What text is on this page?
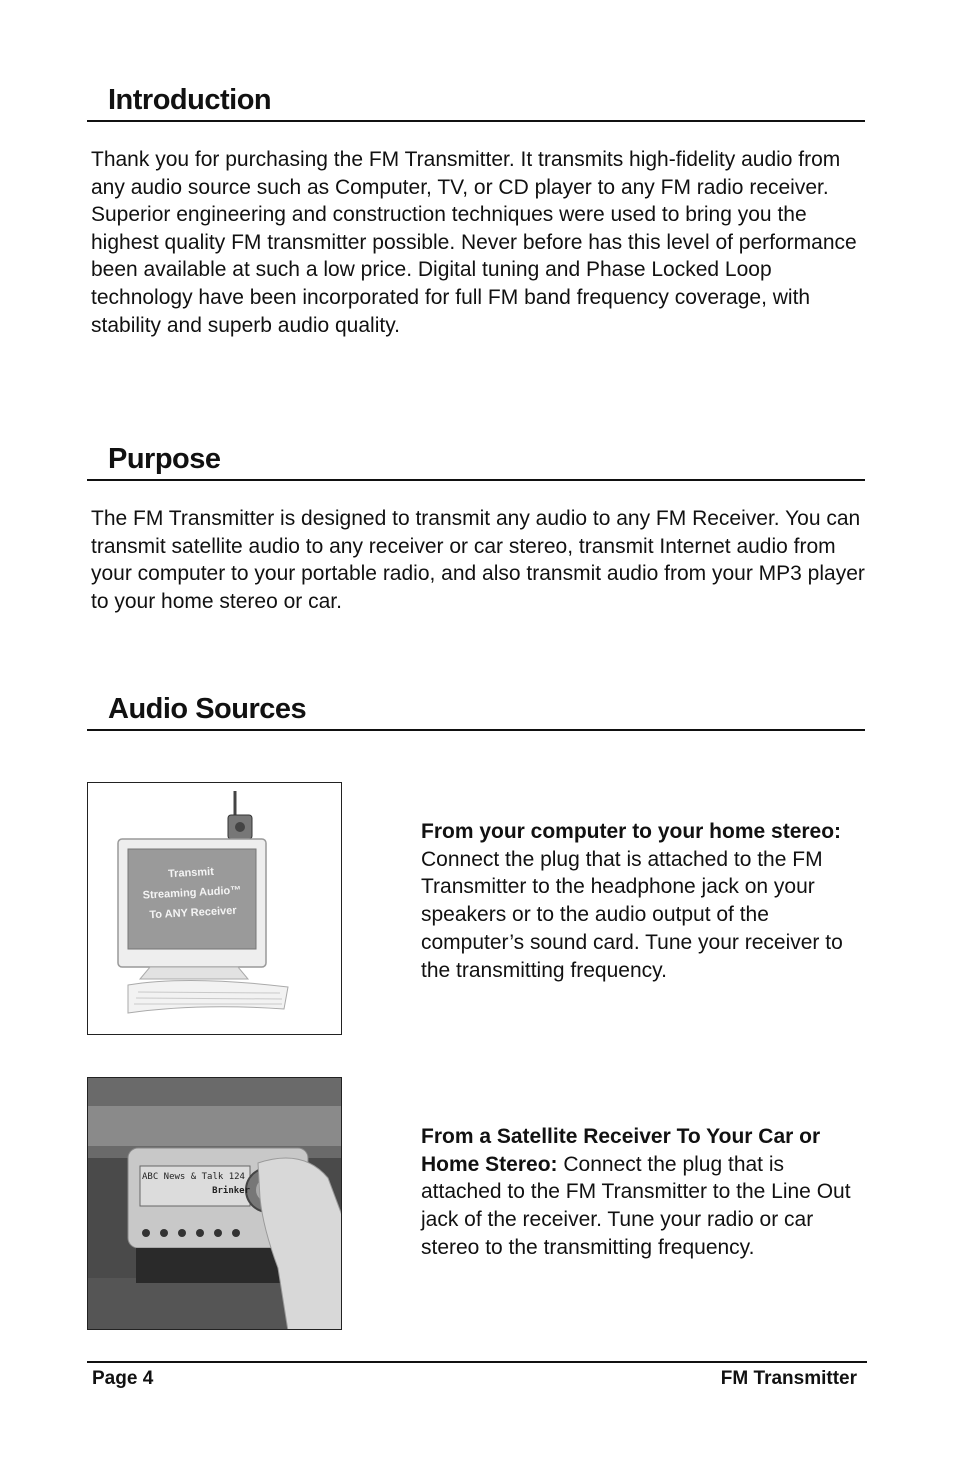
Introduction

Thank you for purchasing the FM Transmitter. It transmits high-fidelity audio from any audio source such as Computer, TV, or CD player to any FM radio receiver. Superior engineering and construction techniques were used to bring you the highest quality FM transmitter possible. Never before has this level of performance been available at such a low price. Digital tuning and Phase Locked Loop technology have been incorporated for full FM band frequency coverage, with stability and superb audio quality.

Purpose

The FM Transmitter is designed to transmit any audio to any FM Receiver. You can transmit satellite audio to any receiver or car stereo, transmit Internet audio from your computer to your portable radio, and also transmit audio from your MP3 player to your home stereo or car.

Audio Sources
Transmit
Streaming Audio™
To ANY Receiver

From your computer to your home stereo: Connect the plug that is attached to the FM Transmitter to the headphone jack on your speakers or to the audio output of the computer’s sound card. Tune your receiver to the transmitting frequency.

ABC News & Talk 124
Brinker

From a Satellite Receiver To Your Car or Home Stereo: Connect the plug that is attached to the FM Transmitter to the Line Out jack of the receiver. Tune your radio or car stereo to the transmitting frequency.

Page 4	FM Transmitter
